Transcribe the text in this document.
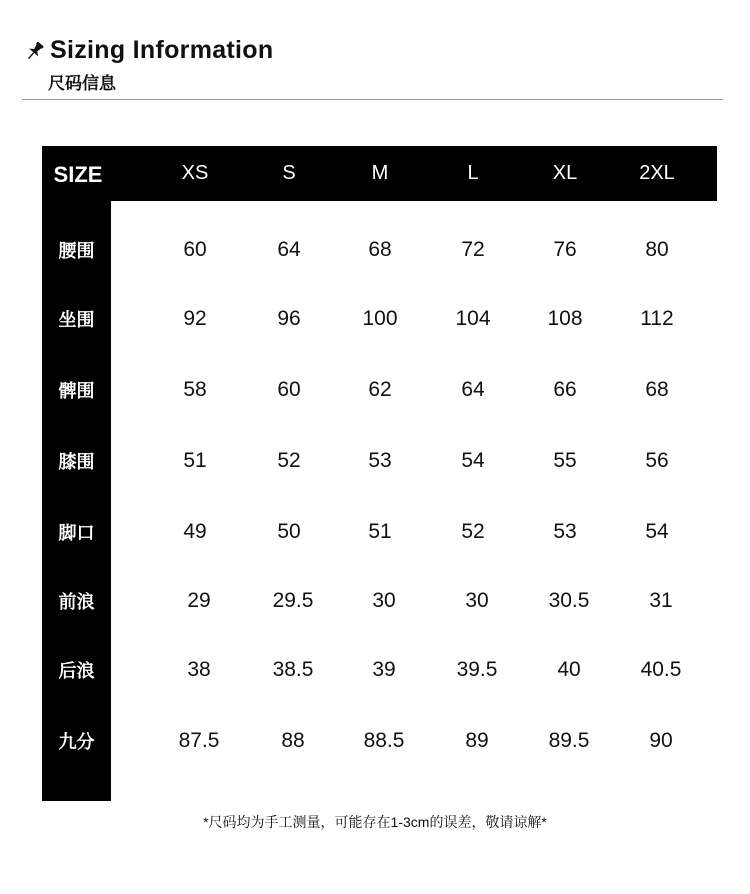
Sizing Information
尺码信息
SIZE	XS	S	M	L	XL	2XL
腰围	60	64	68	72	76	80
坐围	92	96	100	104	108	112
髀围	58	60	62	64	66	68
膝围	51	52	53	54	55	56
脚口	49	50	51	52	53	54
前浪	29	29.5	30	30	30.5	31
后浪	38	38.5	39	39.5	40	40.5
九分	87.5	88	88.5	89	89.5	90
*尺码均为手工测量，可能存在1-3cm的误差，敬请谅解*
